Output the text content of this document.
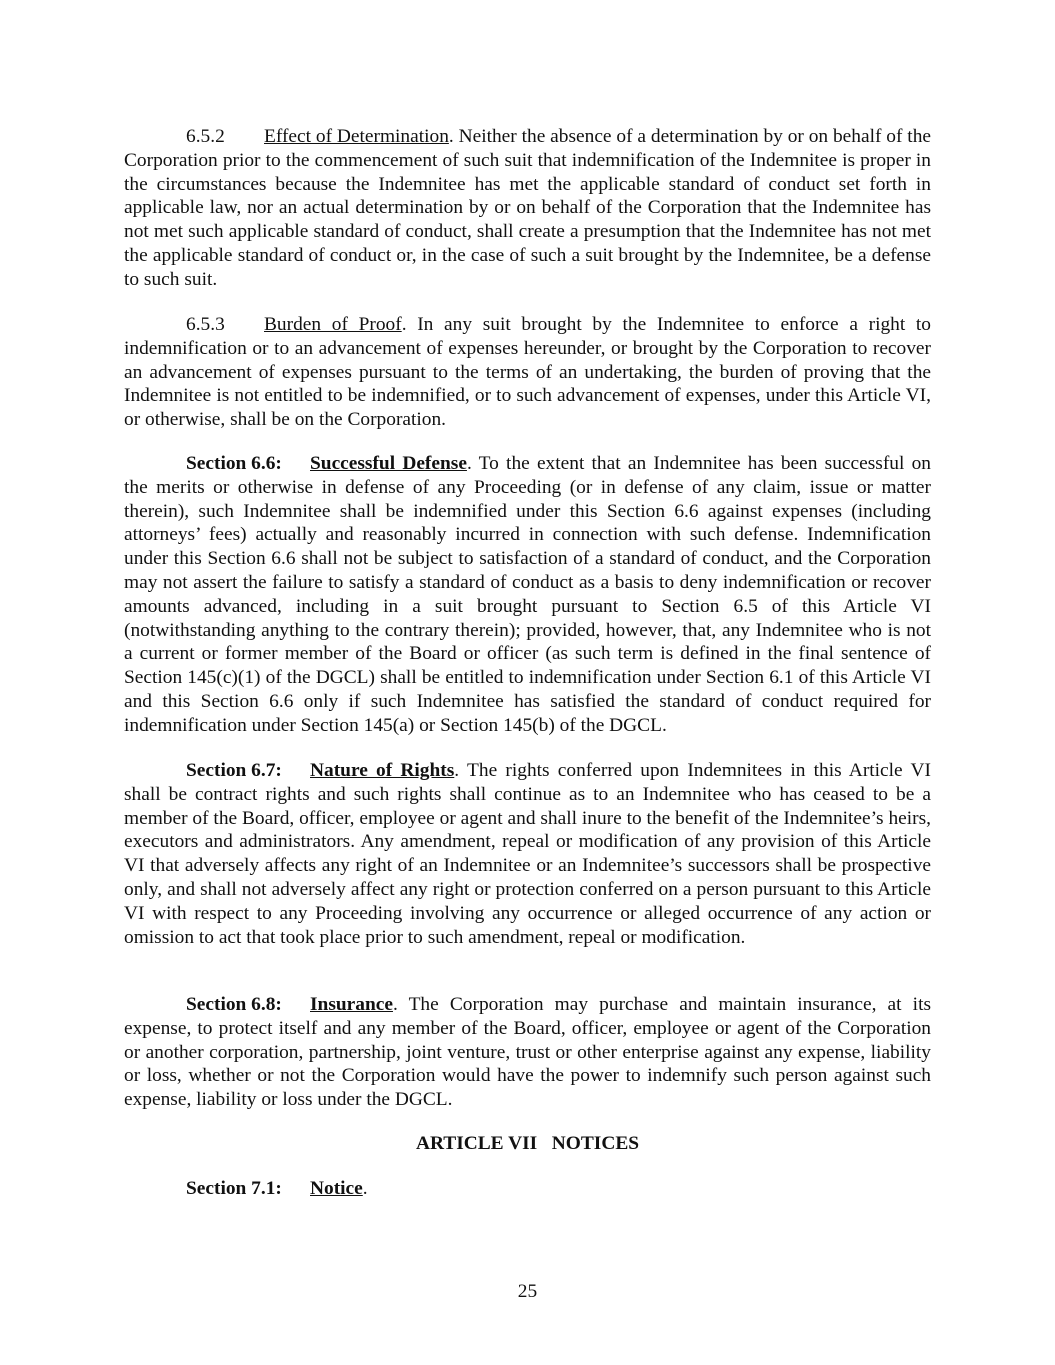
6.5.2 Effect of Determination. Neither the absence of a determination by or on behalf of the Corporation prior to the commencement of such suit that indemnification of the Indemnitee is proper in the circumstances because the Indemnitee has met the applicable standard of conduct set forth in applicable law, nor an actual determination by or on behalf of the Corporation that the Indemnitee has not met such applicable standard of conduct, shall create a presumption that the Indemnitee has not met the applicable standard of conduct or, in the case of such a suit brought by the Indemnitee, be a defense to such suit.

6.5.3 Burden of Proof. In any suit brought by the Indemnitee to enforce a right to indemnification or to an advancement of expenses hereunder, or brought by the Corporation to recover an advancement of expenses pursuant to the terms of an undertaking, the burden of proving that the Indemnitee is not entitled to be indemnified, or to such advancement of expenses, under this Article VI, or otherwise, shall be on the Corporation.

Section 6.6: Successful Defense. To the extent that an Indemnitee has been successful on the merits or otherwise in defense of any Proceeding (or in defense of any claim, issue or matter therein), such Indemnitee shall be indemnified under this Section 6.6 against expenses (including attorneys’ fees) actually and reasonably incurred in connection with such defense. Indemnification under this Section 6.6 shall not be subject to satisfaction of a standard of conduct, and the Corporation may not assert the failure to satisfy a standard of conduct as a basis to deny indemnification or recover amounts advanced, including in a suit brought pursuant to Section 6.5 of this Article VI (notwithstanding anything to the contrary therein); provided, however, that, any Indemnitee who is not a current or former member of the Board or officer (as such term is defined in the final sentence of Section 145(c)(1) of the DGCL) shall be entitled to indemnification under Section 6.1 of this Article VI and this Section 6.6 only if such Indemnitee has satisfied the standard of conduct required for indemnification under Section 145(a) or Section 145(b) of the DGCL.

Section 6.7: Nature of Rights. The rights conferred upon Indemnitees in this Article VI shall be contract rights and such rights shall continue as to an Indemnitee who has ceased to be a member of the Board, officer, employee or agent and shall inure to the benefit of the Indemnitee’s heirs, executors and administrators. Any amendment, repeal or modification of any provision of this Article VI that adversely affects any right of an Indemnitee or an Indemnitee’s successors shall be prospective only, and shall not adversely affect any right or protection conferred on a person pursuant to this Article VI with respect to any Proceeding involving any occurrence or alleged occurrence of any action or omission to act that took place prior to such amendment, repeal or modification.

Section 6.8: Insurance. The Corporation may purchase and maintain insurance, at its expense, to protect itself and any member of the Board, officer, employee or agent of the Corporation or another corporation, partnership, joint venture, trust or other enterprise against any expense, liability or loss, whether or not the Corporation would have the power to indemnify such person against such expense, liability or loss under the DGCL.

ARTICLE VII   NOTICES

Section 7.1: Notice.

25
